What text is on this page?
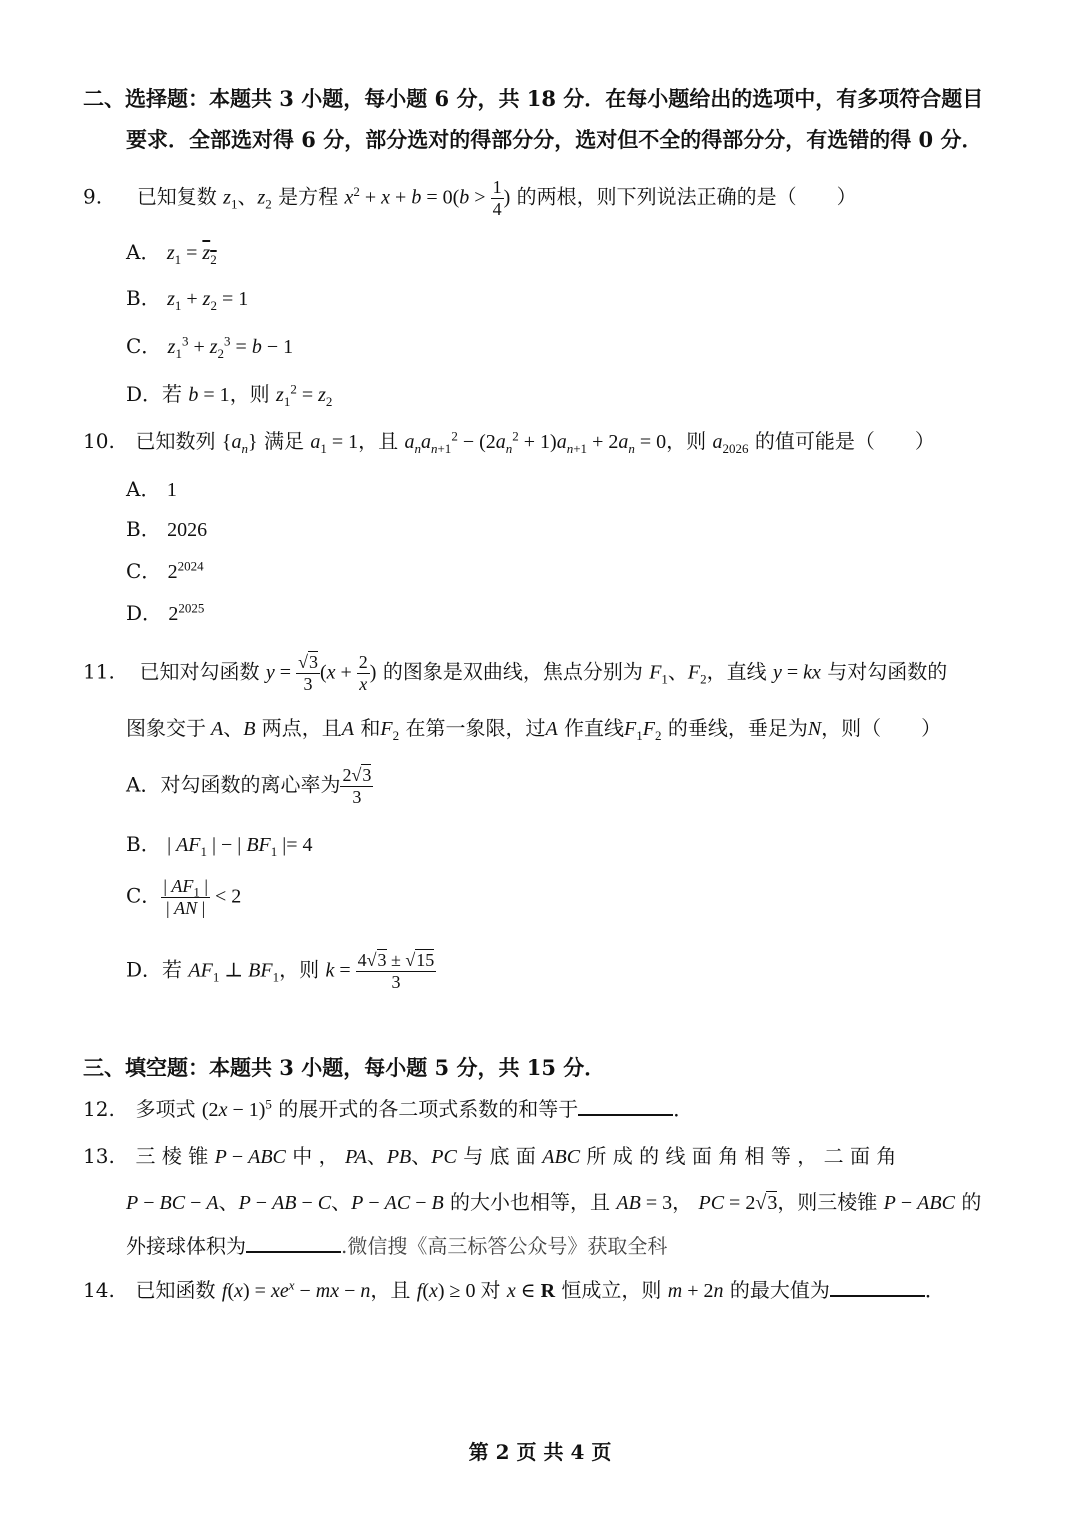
二、选择题：本题共 3 小题，每小题 6 分，共 18 分．在每小题给出的选项中，有多项符合题目
要求．全部选对得 6 分，部分选对的得部分分，选对但不全的得部分分，有选错的得 0 分．
9. 已知复数 $z_1$、$z_2$ 是方程 $x^2 + x + b = 0(b > \frac{1}{4}$ ) 的两根，则下列说法正确的是（　　）
A． $z_1 = z_2$
B． $z_1 + z_2 = 1$
C． $z_1^3 + z_2^3 = b - 1$
D．若 b = 1，则 $z_1^2 = z_2$
10. 已知数列 $\{a_n\}$ 满足 $a_1 = 1$，且 $a_na_{n+1}^2 - (2a_n^2 + 1)a_{n+1} + 2a_n = 0$，则 $a_{2026}$ 的值可能是（　　）
A． 1
B． 2026
C． $2^{2024}$
D． $2^{2025}$
11. 已知对勾函数 $y = \frac{√3}{3} (x + \frac{2}{x}$ ) 的图象是双曲线，焦点分别为 $F_1$、$F_2$，直线 y = kx 与对勾函数的
图象交于 A、B 两点，且A 和$F_2$ 在第一象限，过A 作直线$F_1F_2$ 的垂线，垂足为N，则（　　）
A．对勾函数的离心率为 $\frac{2√3}{3}$
B． | $AF_1$ | − | $BF_1$ |= 4
C． $\frac{| AF_1 |}{| AN |} < 2$
D．若 $AF_1$ ⊥ $BF_1$，则 $k = \frac{4√3 \pm √15}{3}$
三、填空题：本题共 3 小题，每小题 5 分，共 15 分．
12. 多项式 $(2x - 1)^5$ 的展开式的各二项式系数的和等于	．
13. 三 棱 锥 P − ABC 中 ， PA、PB、PC 与 底 面 ABC 所 成 的 线 面 角 相 等 ， 二 面 角
P − BC − A、P − AB − C、P − AC − B 的大小也相等，且 AB = 3， PC = 2√3，则三棱锥 P − ABC 的
外接球体积为	.微信搜《高三标答公众号》获取全科
14. 已知函数 $f(x) = xe^x$ − mx − n，且 f(x) ≥ 0 对 x ∈ R 恒成立，则 m + 2n 的最大值为	．
第 2 页 共 4 页
